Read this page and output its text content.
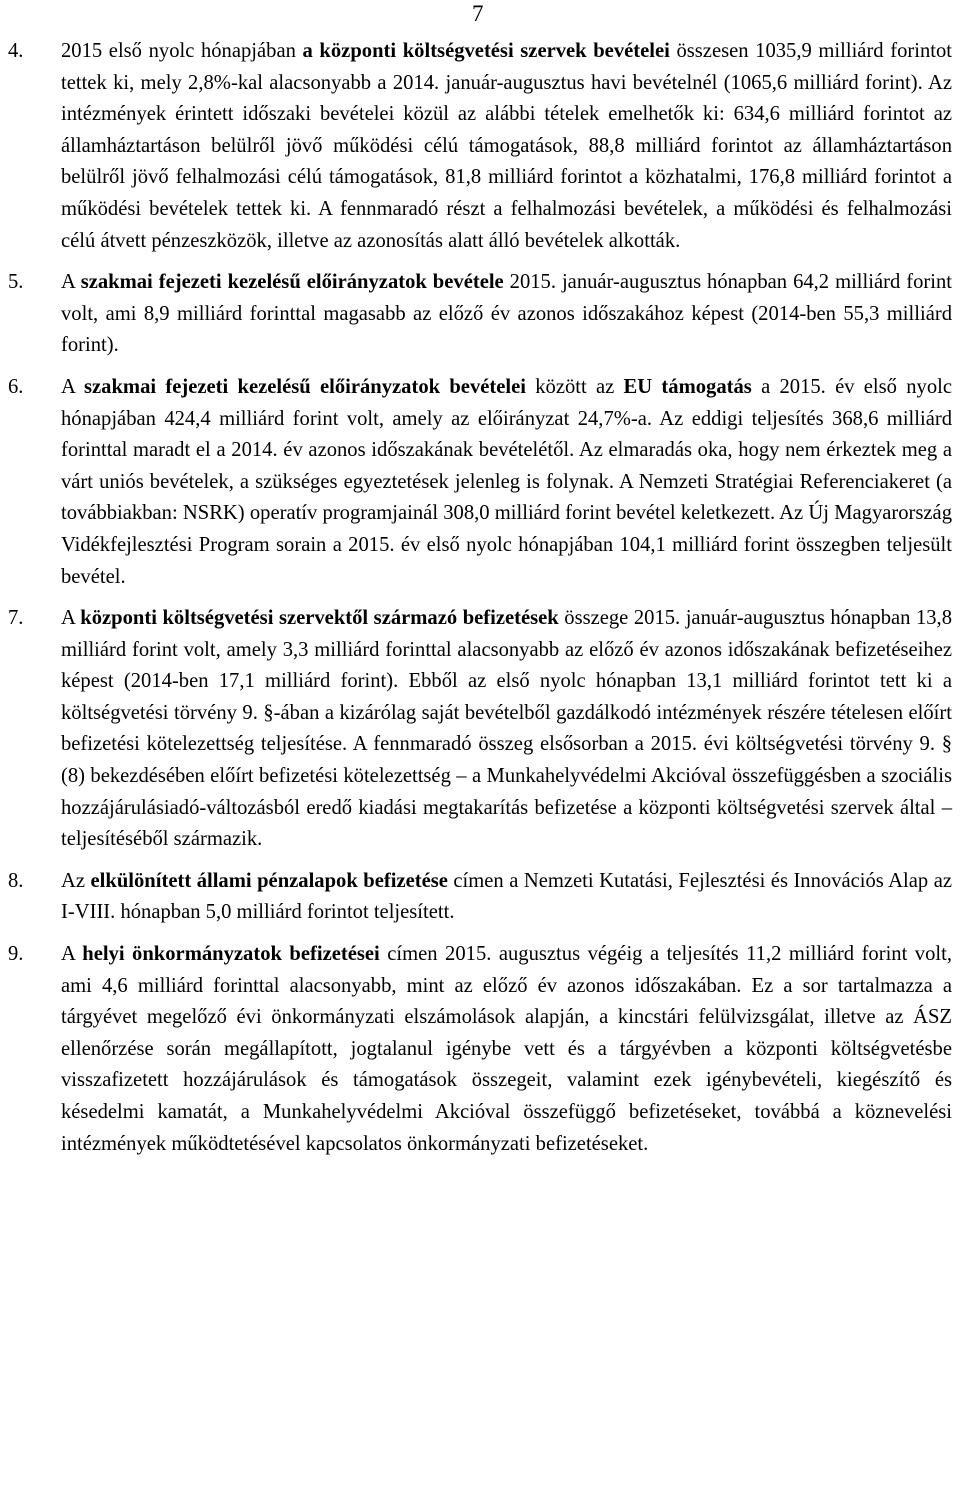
7
4.	2015 első nyolc hónapjában a központi költségvetési szervek bevételei összesen 1035,9 milliárd forintot tettek ki, mely 2,8%-kal alacsonyabb a 2014. január-augusztus havi bevételnél (1065,6 milliárd forint). Az intézmények érintett időszaki bevételei közül az alábbi tételek emelhetők ki: 634,6 milliárd forintot az államháztartáson belülről jövő működési célú támogatások, 88,8 milliárd forintot az államháztartáson belülről jövő felhalmozási célú támogatások, 81,8 milliárd forintot a közhatalmi, 176,8 milliárd forintot a működési bevételek tettek ki. A fennmaradó részt a felhalmozási bevételek, a működési és felhalmozási célú átvett pénzeszközök, illetve az azonosítás alatt álló bevételek alkották.
5.	A szakmai fejezeti kezelésű előirányzatok bevétele 2015. január-augusztus hónapban 64,2 milliárd forint volt, ami 8,9 milliárd forinttal magasabb az előző év azonos időszakához képest (2014-ben 55,3 milliárd forint).
6.	A szakmai fejezeti kezelésű előirányzatok bevételei között az EU támogatás a 2015. év első nyolc hónapjában 424,4 milliárd forint volt, amely az előirányzat 24,7%-a. Az eddigi teljesítés 368,6 milliárd forinttal maradt el a 2014. év azonos időszakának bevételétől. Az elmaradás oka, hogy nem érkeztek meg a várt uniós bevételek, a szükséges egyeztetések jelenleg is folynak. A Nemzeti Stratégiai Referenciakeret (a továbbiakban: NSRK) operatív programjainál 308,0 milliárd forint bevétel keletkezett. Az Új Magyarország Vidékfejlesztési Program sorain a 2015. év első nyolc hónapjában 104,1 milliárd forint összegben teljesült bevétel.
7.	A központi költségvetési szervektől származó befizetések összege 2015. január-augusztus hónapban 13,8 milliárd forint volt, amely 3,3 milliárd forinttal alacsonyabb az előző év azonos időszakának befizetéseihez képest (2014-ben 17,1 milliárd forint). Ebből az első nyolc hónapban 13,1 milliárd forintot tett ki a költségvetési törvény 9. §-ában a kizárólag saját bevételből gazdálkodó intézmények részére tételesen előírt befizetési kötelezettség teljesítése. A fennmaradó összeg elsősorban a 2015. évi költségvetési törvény 9. § (8) bekezdésében előírt befizetési kötelezettség – a Munkahelyvédelmi Akcióval összefüggésben a szociális hozzájárulásiadó-változásból eredő kiadási megtakarítás befizetése a központi költségvetési szervek által – teljesítéséből származik.
8.	Az elkülönített állami pénzalapok befizetése címen a Nemzeti Kutatási, Fejlesztési és Innovációs Alap az I-VIII. hónapban 5,0 milliárd forintot teljesített.
9.	A helyi önkormányzatok befizetései címen 2015. augusztus végéig a teljesítés 11,2 milliárd forint volt, ami 4,6 milliárd forinttal alacsonyabb, mint az előző év azonos időszakában. Ez a sor tartalmazza a tárgyévet megelőző évi önkormányzati elszámolások alapján, a kincstári felülvizsgálat, illetve az ÁSZ ellenőrzése során megállapított, jogtalanul igénybe vett és a tárgyévben a központi költségvetésbe visszafizetett hozzájárulások és támogatások összegeit, valamint ezek igénybevételi, kiegészítő és késedelmi kamatát, a Munkahelyvédelmi Akcióval összefüggő befizetéseket, továbbá a köznevelési intézmények működtetésével kapcsolatos önkormányzati befizetéseket.
